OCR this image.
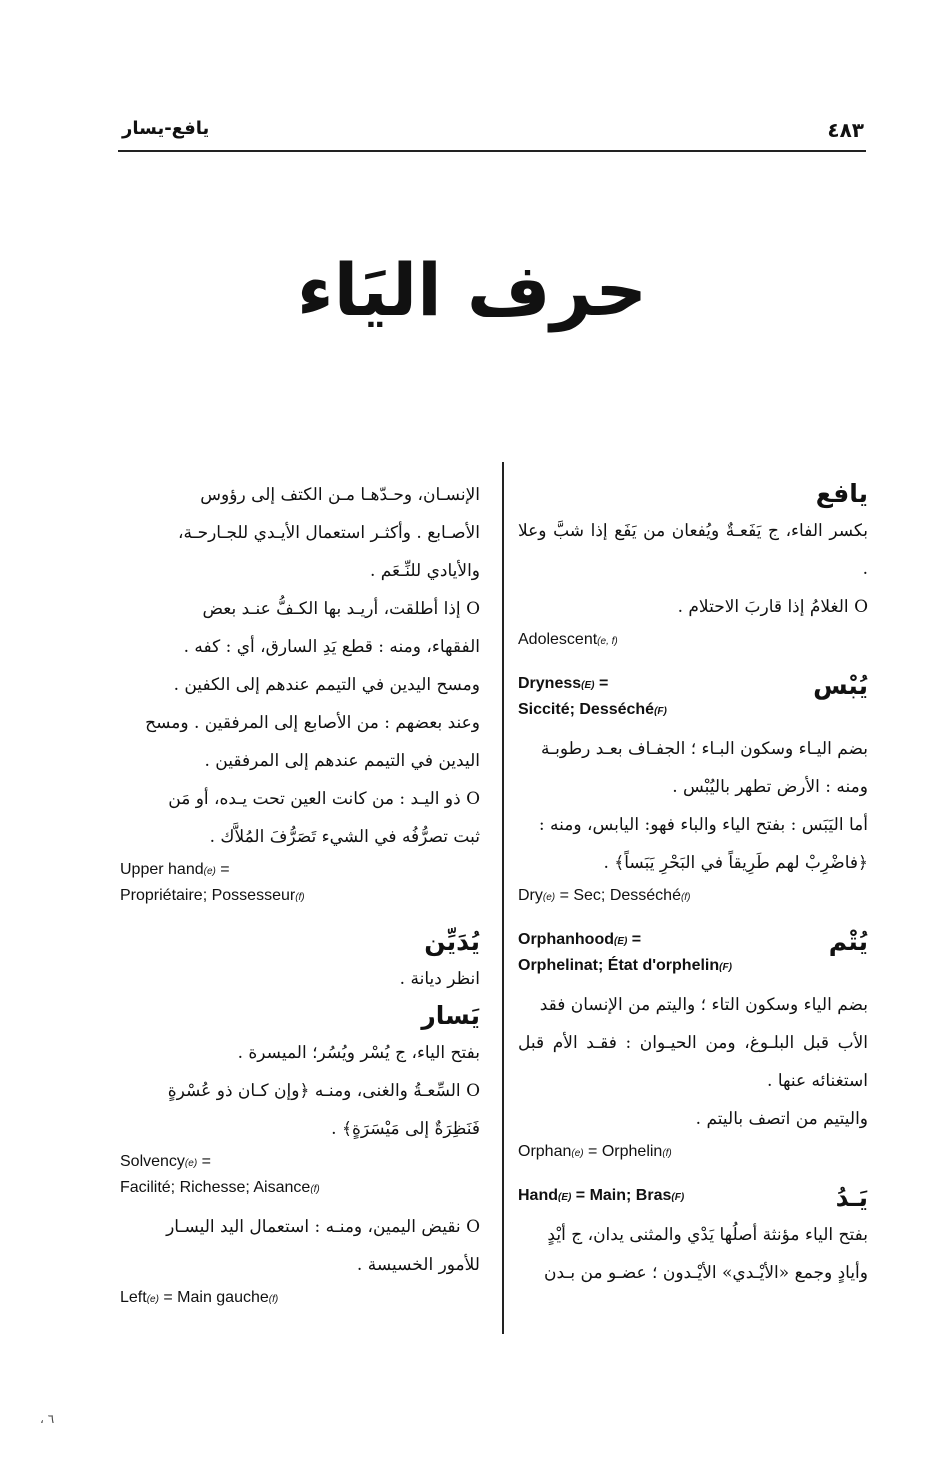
يافع-يسار	٤٨٣
حرف اليَاء
يافع

بكسر الفاء، ج يَفَعـةٌ ويُفعان من يَفَع إذا شبَّ وعلا .

O الغلامُ إذا قاربَ الاحتلام .

Adolescent(e, f)

يُبْس
Dryness(E) =
Siccité; Desséché(F)

بضم اليـاء وسكون البـاء ؛ الجفـاف بعـد رطوبـة

ومنه : الأرض تطهر باليُبْس .

أما اليَبَس : بفتح الياء والباء فهو: اليابس، ومنه :

﴿فاضْرِبْ لهم طَرِيقاً في البَحْرِ يَبَساً﴾ .

Dry(e) = Sec; Desséché(f)

يُتْم
Orphanhood(E) =
Orphelinat; État d'orphelin(F)

بضم الياء وسكون التاء ؛ واليتم من الإنسان فقد

الأب قبل البلـوغ، ومن الحيـوان : فقـد الأم قبل استغنائه عنها .

واليتيم من اتصف باليتم .

Orphan(e) = Orphelin(f)

يَـدُ
Hand(E) = Main; Bras(F)

بفتح الياء مؤنثة أصلُها يَدْي والمثنى يدان، ج أيْدٍ

وأيادٍ وجمع «الأيْـدي» الأيْـدون ؛ عضـو من بـدن

الإنسـان، وحـدّهـا مـن الكتف إلى رؤوس

الأصـابع . وأكثـر استعمال الأيـدي للجـارحـة،

والأيادي للنِّـعَم .

O إذا أطلقت، أريـد بها الكـفُّ عنـد بعض

الفقهاء، ومنه : قطع يَدِ السارق، أي : كفه .

ومسح اليدين في التيمم عندهم إلى الكفين .

وعند بعضهم : من الأصابع إلى المرفقين . ومسح

اليدين في التيمم عندهم إلى المرفقين .

O ذو اليـد : من كانت العين تحت يـده، أو مَن

ثبت تصرُّفُه في الشيء تَصَرُّفَ المُلاَّك .

Upper hand(e) =
Propriétaire; Possesseur(f)

يُدَيِّن

انظر ديانة .

يَسار

بفتح الياء، ج يُسْر ويُسُر؛ الميسرة .

O السِّعـةُ والغنى، ومنـه ﴿وإن كـان ذو عُسْرةٍ

فَنَظِرَةٌ إلى مَيْسَرَةٍ﴾ .

Solvency(e) =
Facilité; Richesse; Aisance(f)

O نقيض اليمين، ومنـه : استعمال اليد اليسـار

للأمور الخسيسة .

Left(e) = Main gauche(f)

، ٦
